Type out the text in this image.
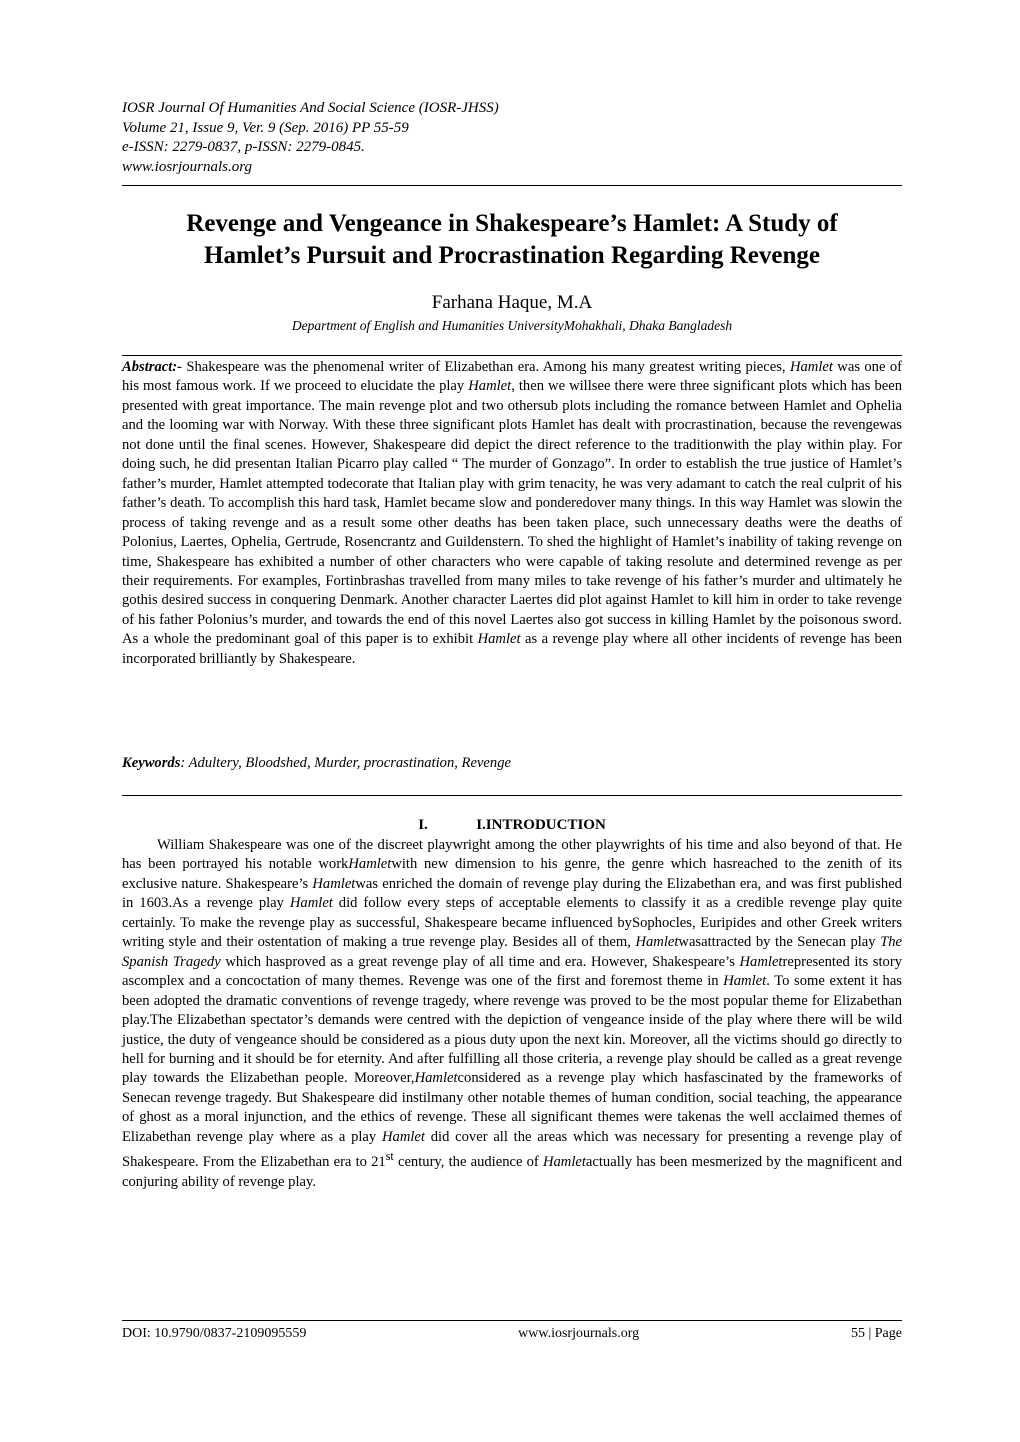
IOSR Journal Of Humanities And Social Science (IOSR-JHSS)
Volume 21, Issue 9, Ver. 9 (Sep. 2016) PP 55-59
e-ISSN: 2279-0837, p-ISSN: 2279-0845.
www.iosrjournals.org
Revenge and Vengeance in Shakespeare’s Hamlet: A Study of
Hamlet’s Pursuit and Procrastination Regarding Revenge
Farhana Haque, M.A
Department of English and Humanities UniversityMohakhali, Dhaka Bangladesh
Abstract:- Shakespeare was the phenomenal writer of Elizabethan era. Among his many greatest writing pieces, Hamlet was one of his most famous work. If we proceed to elucidate the play Hamlet, then we willsee there were three significant plots which has been presented with great importance. The main revenge plot and two othersub plots including the romance between Hamlet and Ophelia and the looming war with Norway. With these three significant plots Hamlet has dealt with procrastination, because the revengewas not done until the final scenes. However, Shakespeare did depict the direct reference to the traditionwith the play within play. For doing such, he did presentan Italian Picarro play called “ The murder of Gonzago”. In order to establish the true justice of Hamlet’s father’s murder, Hamlet attempted todecorate that Italian play with grim tenacity, he was very adamant to catch the real culprit of his father’s death. To accomplish this hard task, Hamlet became slow and ponderedover many things. In this way Hamlet was slowin the process of taking revenge and as a result some other deaths has been taken place, such unnecessary deaths were the deaths of Polonius, Laertes, Ophelia, Gertrude, Rosencrantz and Guildenstern. To shed the highlight of Hamlet’s inability of taking revenge on time, Shakespeare has exhibited a number of other characters who were capable of taking resolute and determined revenge as per their requirements. For examples, Fortinbrashas travelled from many miles to take revenge of his father’s murder and ultimately he gothis desired success in conquering Denmark. Another character Laertes did plot against Hamlet to kill him in order to take revenge of his father Polonius’s murder, and towards the end of this novel Laertes also got success in killing Hamlet by the poisonous sword. As a whole the predominant goal of this paper is to exhibit Hamlet as a revenge play where all other incidents of revenge has been incorporated brilliantly by Shakespeare.
Keywords: Adultery, Bloodshed, Murder, procrastination, Revenge
I.	I.INTRODUCTION

William Shakespeare was one of the discreet playwright among the other playwrights of his time and also beyond of that. He has been portrayed his notable workHamletwith new dimension to his genre, the genre which hasreached to the zenith of its exclusive nature. Shakespeare’s Hamletwas enriched the domain of revenge play during the Elizabethan era, and was first published in 1603.As a revenge play Hamlet did follow every steps of acceptable elements to classify it as a credible revenge play quite certainly. To make the revenge play as successful, Shakespeare became influenced bySophocles, Euripides and other Greek writers writing style and their ostentation of making a true revenge play. Besides all of them, Hamletwasattracted by the Senecan play The Spanish Tragedy which hasproved as a great revenge play of all time and era. However, Shakespeare’s Hamletrepresented its story ascomplex and a concoctation of many themes. Revenge was one of the first and foremost theme in Hamlet. To some extent it has been adopted the dramatic conventions of revenge tragedy, where revenge was proved to be the most popular theme for Elizabethan play.The Elizabethan spectator’s demands were centred with the depiction of vengeance inside of the play where there will be wild justice, the duty of vengeance should be considered as a pious duty upon the next kin. Moreover, all the victims should go directly to hell for burning and it should be for eternity. And after fulfilling all those criteria, a revenge play should be called as a great revenge play towards the Elizabethan people. Moreover,Hamletconsidered as a revenge play which hasfascinated by the frameworks of Senecan revenge tragedy. But Shakespeare did instilmany other notable themes of human condition, social teaching, the appearance of ghost as a moral injunction, and the ethics of revenge. These all significant themes were takenas the well acclaimed themes of Elizabethan revenge play where as a play Hamlet did cover all the areas which was necessary for presenting a revenge play of Shakespeare. From the Elizabethan era to 21st century, the audience of Hamletactually has been mesmerized by the magnificent and conjuring ability of revenge play.

DOI: 10.9790/0837-2109095559	www.iosrjournals.org	55 | Page
